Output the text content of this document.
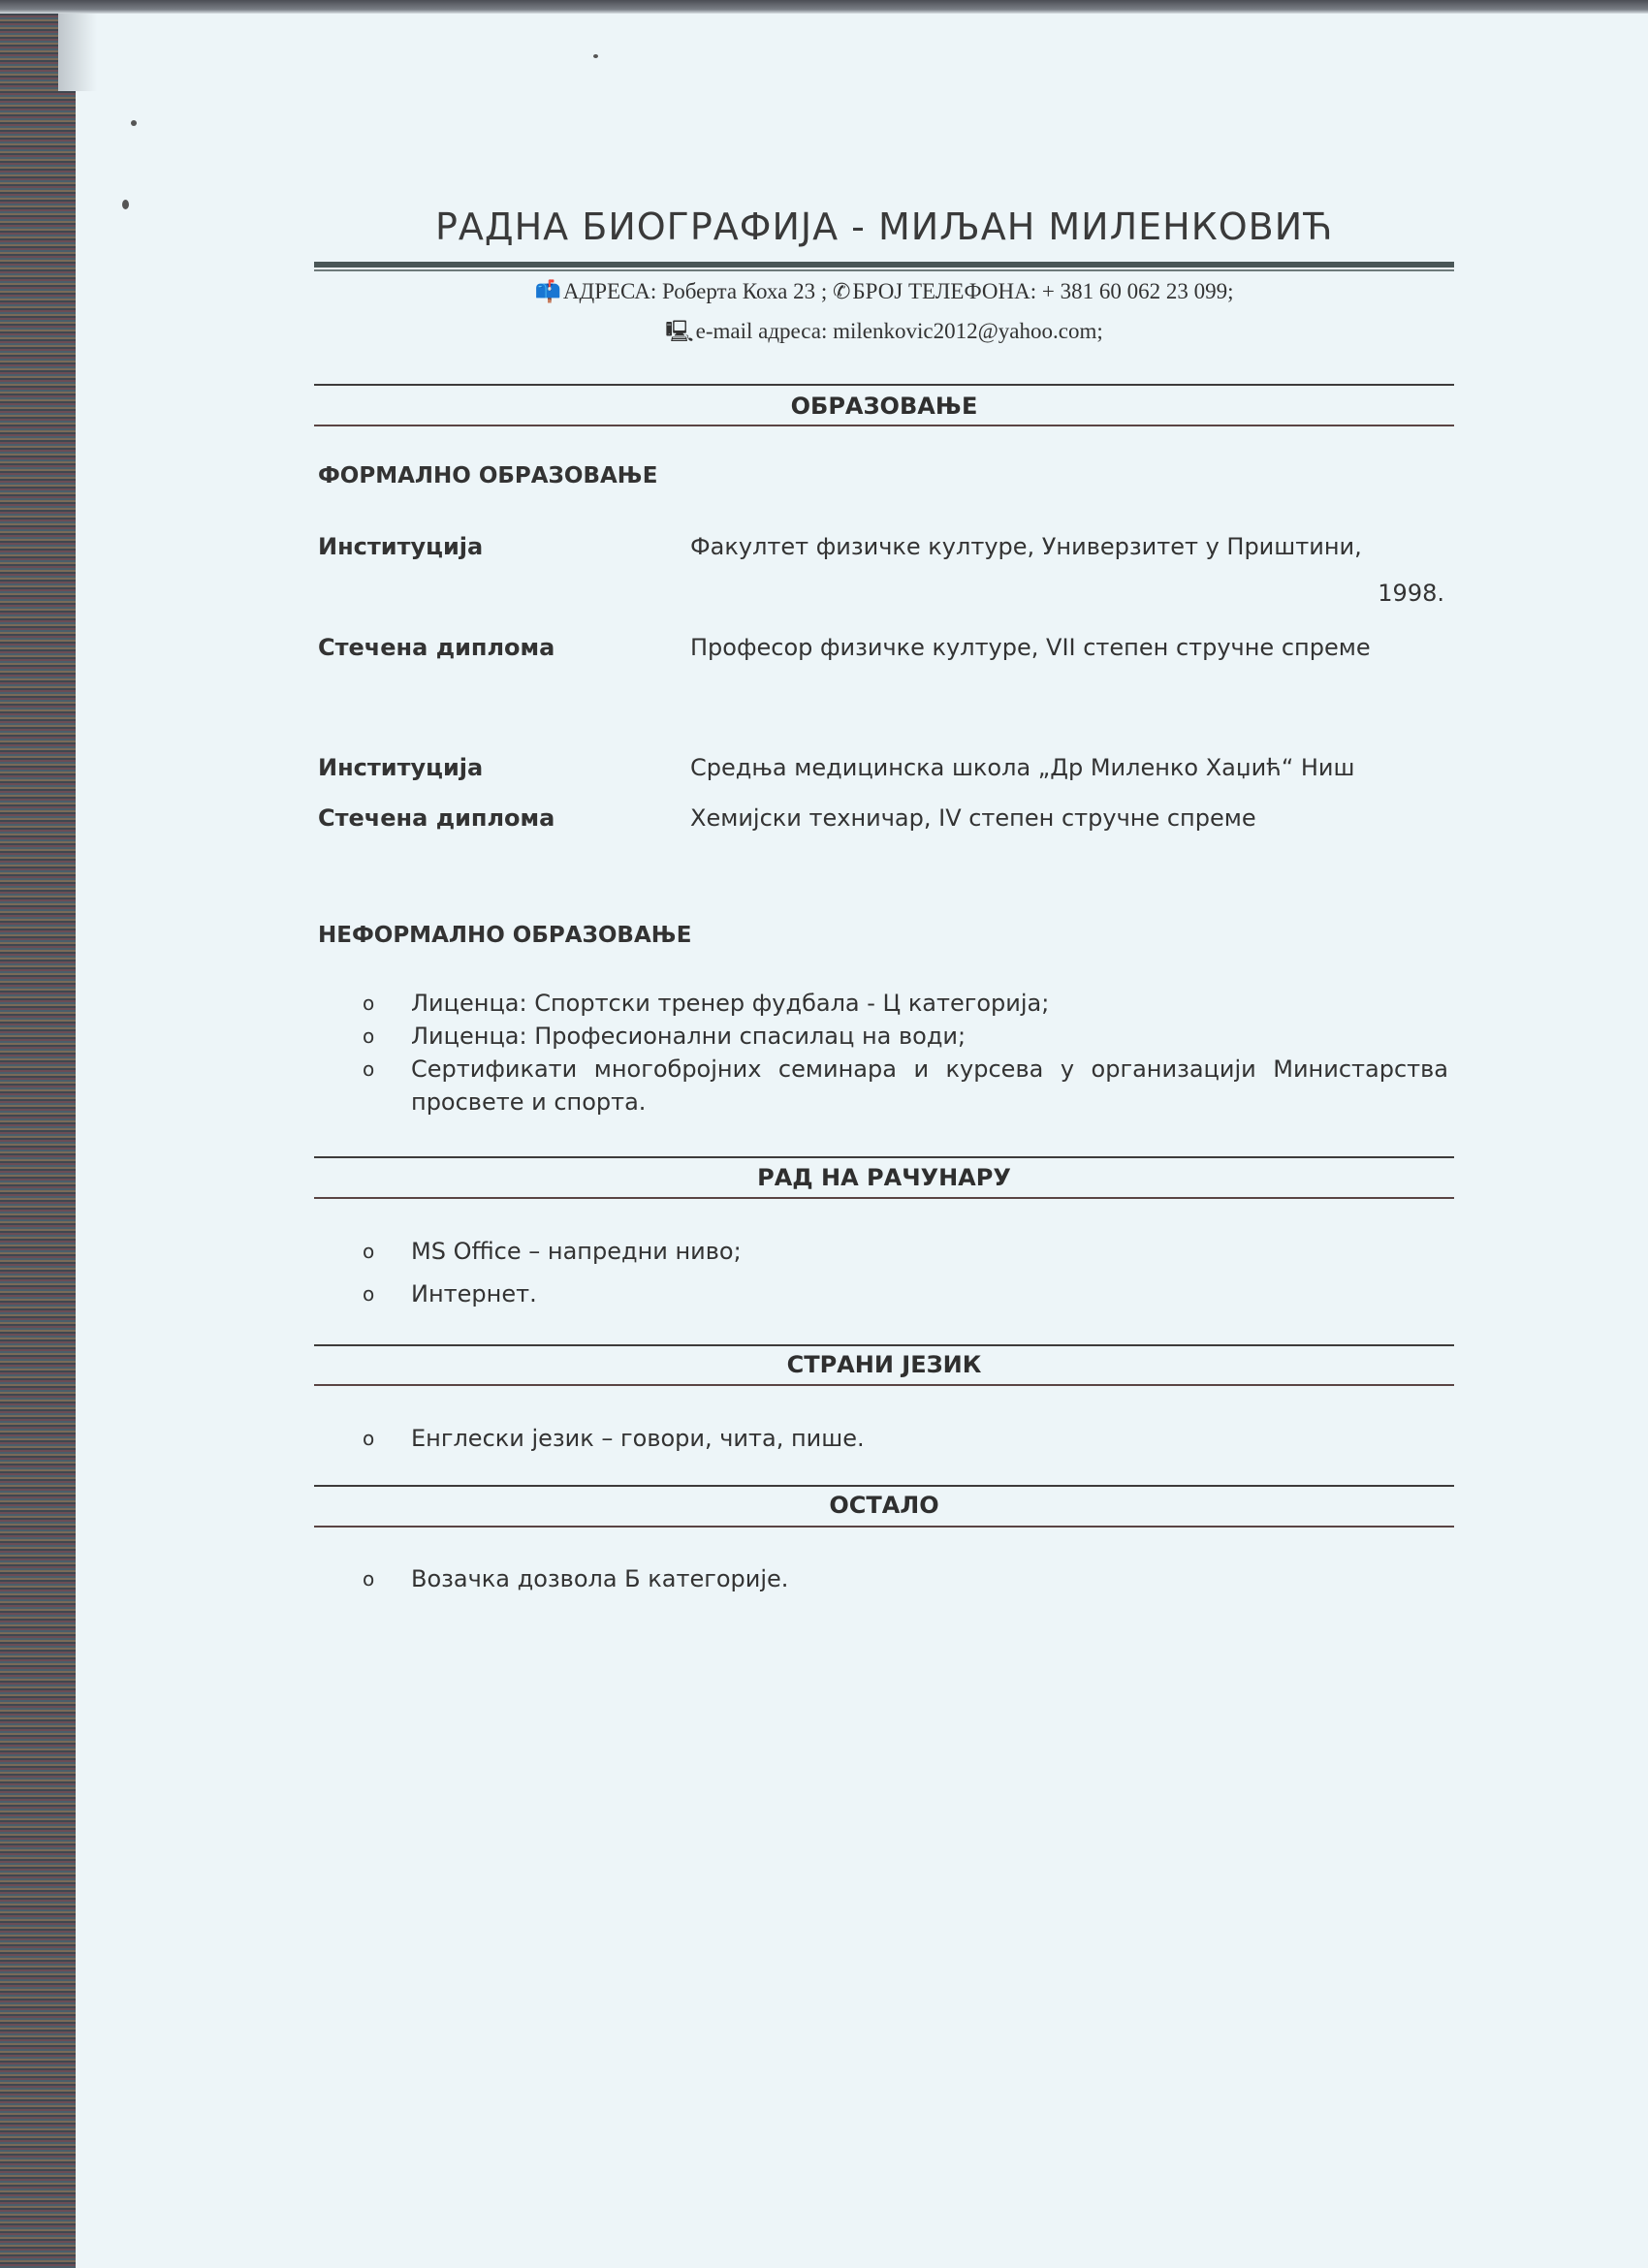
РАДНА БИОГРАФИЈА - МИЉАН МИЛЕНКОВИЋ
📫АДРЕСА: Роберта Коха 23 ; ✆БРОЈ ТЕЛЕФОНА: + 381 60 062 23 099;
🖳e-mail адреса: milenkovic2012@yahoo.com;
ОБРАЗОВАЊЕ
ФОРМАЛНО ОБРАЗОВАЊЕ
Институција	Факултет физичке културе, Универзитет у Приштини,
1998.
Стечена диплома	Професор физичке културе, VII степен стручне спреме
Институција	Средња медицинска школа „Др Миленко Хаџић“ Ниш
Стечена диплома	Хемијски техничар, IV степен стручне спреме
НЕФОРМАЛНО ОБРАЗОВАЊЕ
o Лиценца: Спортски тренер фудбала - Ц категорија;
o Лиценца: Професионални спасилац на води;
o Сертификати многобројних семинара и курсева у организацији Министарства просвете и спорта.
РАД НА РАЧУНАРУ
o MS Office – напредни ниво;
o Интернет.
СТРАНИ ЈЕЗИК
o Енглески језик – говори, чита, пише.
ОСТАЛО
o Возачка дозвола Б категорије.
